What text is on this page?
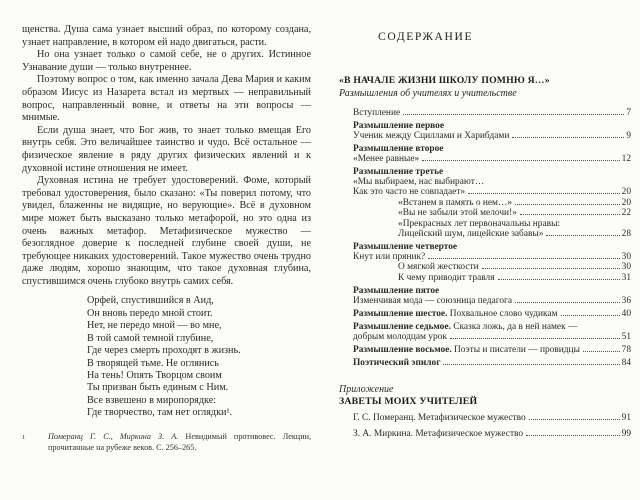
щенства. Душа сама узнает высший образ, по которому создана, узнает направление, в котором ей надо двигаться, расти.

Но она узнает только о самой себе, не о других. Истинное Узнавание души — только внутреннее.

Поэтому вопрос о том, как именно зачала Дева Мария и каким образом Иисус из Назарета встал из мертвых — неправильный вопрос, направленный вовне, и ответы на эти вопросы — мнимые.

Если душа знает, что Бог жив, то знает только вмещая Его внутрь себя. Это величайшее таинство и чудо. Всё остальное — физическое явление в ряду других физических явлений и к духовной истине отношения не имеет.

Духовная истина не требует удостоверений. Фоме, который требовал удостоверения, было сказано: «Ты поверил потому, что увидел, блаженны не видящие, но верующие». Всё в духовном мире может быть высказано только метафорой, но это одна из очень важных метафор. Метафизическое мужество — безоглядное доверие к последней глубине своей души, не требующее никаких удостоверений. Такое мужество очень трудно даже людям, хорошо знающим, что такое духовная глубина, спустившимся очень глубоко внутрь самих себя.

Орфей, спустившийся в Аид,
Он вновь передо мной стоит.
Нет, не передо мной — во мне,
В той самой темной глубине,
Где через смерть проходят в жизнь.
В творящей тьме. Не оглянись
На тень! Опять Творцом своим
Ты призван быть единым с Ним.
Все взвешено в миропорядке:
Где творчество, там нет оглядки¹.
1	Померанц Г. С., Миркина З. А. Невидимый противовес. Лекции, прочитанные на рубеже веков. С. 256–265.
СОДЕРЖАНИЕ
«В НАЧАЛЕ ЖИЗНИ ШКОЛУ ПОМНЮ Я…»
Размышления об учителях и учительстве
Вступление	7
Размышление первое
Ученик между Сциллами и Харибдами	9
Размышление второе
«Менее равные»	12
Размышление третье
«Мы выбираем, нас выбирают…
Как это часто не совпадает»	20
«Встанем в память о нем…»	20
«Вы не забыли этой мелочи!»	22
«Прекрасных лет первоначальны нравы:
Лицейский шум, лицейские забавы»	28
Размышление четвертое
Кнут или пряник?	30
О мягкой жесткости	30
К чему приводит травля	31
Размышление пятое
Изменчивая мода — союзница педагога	36
Размышление шестое. Похвальное слово чудикам	40
Размышление седьмое. Сказка ложь, да в ней намек —
добрым молодцам урок	51
Размышление восьмое. Поэты и писатели — провидцы	78
Поэтический эпилог	84
Приложение
ЗАВЕТЫ МОИХ УЧИТЕЛЕЙ
Г. С. Померанц. Метафизическое мужество	91
З. А. Миркина. Метафизическое мужество	99
